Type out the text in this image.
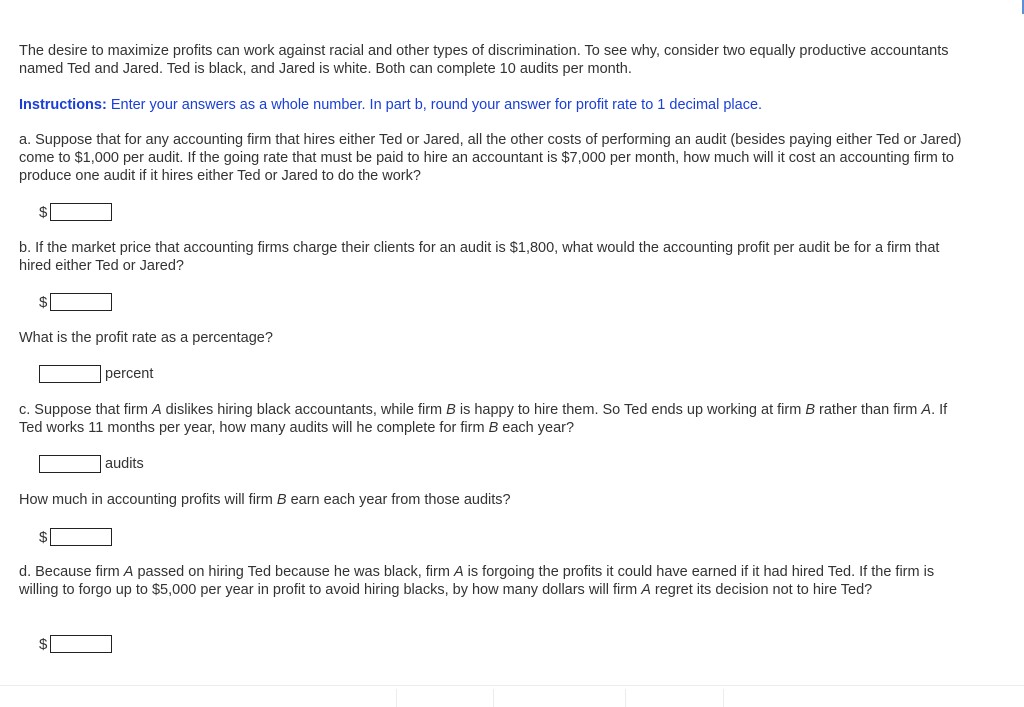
The desire to maximize profits can work against racial and other types of discrimination. To see why, consider two equally productive accountants named Ted and Jared. Ted is black, and Jared is white. Both can complete 10 audits per month.

Instructions: Enter your answers as a whole number. In part b, round your answer for profit rate to 1 decimal place.

a. Suppose that for any accounting firm that hires either Ted or Jared, all the other costs of performing an audit (besides paying either Ted or Jared) come to $1,000 per audit. If the going rate that must be paid to hire an accountant is $7,000 per month, how much will it cost an accounting firm to produce one audit if it hires either Ted or Jared to do the work?

$

b. If the market price that accounting firms charge their clients for an audit is $1,800, what would the accounting profit per audit be for a firm that hired either Ted or Jared?

$

What is the profit rate as a percentage?

percent

c. Suppose that firm A dislikes hiring black accountants, while firm B is happy to hire them. So Ted ends up working at firm B rather than firm A. If Ted works 11 months per year, how many audits will he complete for firm B each year?

audits

How much in accounting profits will firm B earn each year from those audits?

$

d. Because firm A passed on hiring Ted because he was black, firm A is forgoing the profits it could have earned if it had hired Ted. If the firm is willing to forgo up to $5,000 per year in profit to avoid hiring blacks, by how many dollars will firm A regret its decision not to hire Ted?

$
